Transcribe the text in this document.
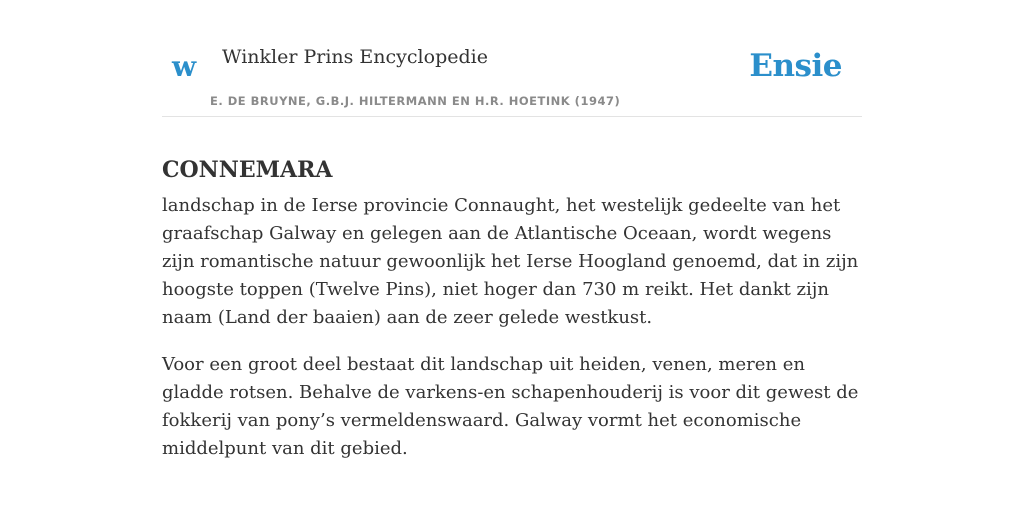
w Winkler Prins Encyclopedie
E. DE BRUYNE, G.B.J. HILTERMANN EN H.R. HOETINK (1947)
Ensie
CONNEMARA

landschap in de Ierse provincie Connaught, het westelijk gedeelte van het graafschap Galway en gelegen aan de Atlantische Oceaan, wordt wegens zijn romantische natuur gewoonlijk het Ierse Hoogland genoemd, dat in zijn hoogste toppen (Twelve Pins), niet hoger dan 730 m reikt. Het dankt zijn naam (Land der baaien) aan de zeer gelede westkust.

Voor een groot deel bestaat dit landschap uit heiden, venen, meren en gladde rotsen. Behalve de varkens-en schapenhouderij is voor dit gewest de fokkerij van pony’s vermeldenswaard. Galway vormt het economische middelpunt van dit gebied.
